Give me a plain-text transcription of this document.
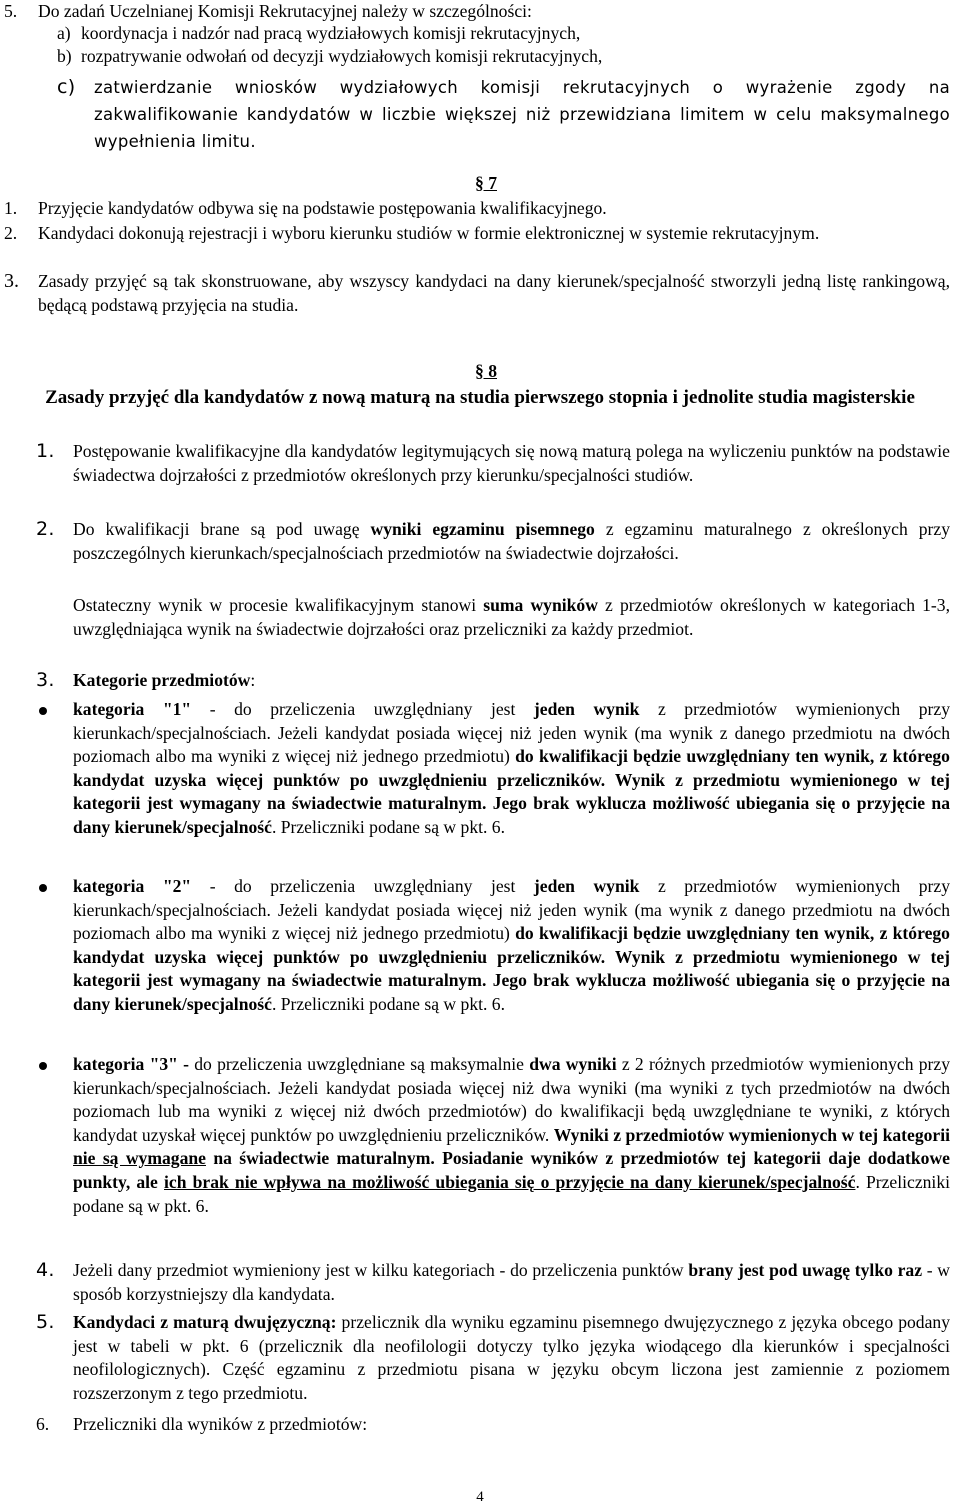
5.	Do zadań Uczelnianej Komisji Rekrutacyjnej należy w szczególności:
a) koordynacja i nadzór nad pracą wydziałowych komisji rekrutacyjnych,
b) rozpatrywanie odwołań od decyzji wydziałowych komisji rekrutacyjnych,
c)	zatwierdzanie wniosków wydziałowych komisji rekrutacyjnych o wyrażenie zgody na zakwalifikowanie kandydatów w liczbie większej niż przewidziana limitem w celu maksymalnego wypełnienia limitu.
§ 7
1.	Przyjęcie kandydatów odbywa się na podstawie postępowania kwalifikacyjnego.
2.	Kandydaci dokonują rejestracji i wyboru kierunku studiów w formie elektronicznej w systemie rekrutacyjnym.
3.	Zasady przyjęć są tak skonstruowane, aby wszyscy kandydaci na dany kierunek/specjalność stworzyli jedną listę rankingową, będącą podstawą przyjęcia na studia.
§ 8
Zasady przyjęć dla kandydatów z nową maturą na studia pierwszego stopnia i jednolite studia magisterskie
1.	Postępowanie kwalifikacyjne dla kandydatów legitymujących się nową maturą polega na wyliczeniu punktów na podstawie świadectwa dojrzałości z przedmiotów określonych przy kierunku/specjalności studiów.
2.	Do kwalifikacji brane są pod uwagę wyniki egzaminu pisemnego z egzaminu maturalnego z określonych przy poszczególnych kierunkach/specjalnościach przedmiotów na świadectwie dojrzałości.
Ostateczny wynik w procesie kwalifikacyjnym stanowi suma wyników z przedmiotów określonych w kategoriach 1-3, uwzględniająca wynik na świadectwie dojrzałości oraz przeliczniki za każdy przedmiot.
3.	Kategorie przedmiotów:
kategoria "1" - do przeliczenia uwzględniany jest jeden wynik z przedmiotów wymienionych przy kierunkach/specjalnościach. Jeżeli kandydat posiada więcej niż jeden wynik (ma wynik z danego przedmiotu na dwóch poziomach albo ma wyniki z więcej niż jednego przedmiotu) do kwalifikacji będzie uwzględniany ten wynik, z którego kandydat uzyska więcej punktów po uwzględnieniu przeliczników. Wynik z przedmiotu wymienionego w tej kategorii jest wymagany na świadectwie maturalnym. Jego brak wyklucza możliwość ubiegania się o przyjęcie na dany kierunek/specjalność. Przeliczniki podane są w pkt. 6.
kategoria "2" - do przeliczenia uwzględniany jest jeden wynik z przedmiotów wymienionych przy kierunkach/specjalnościach. Jeżeli kandydat posiada więcej niż jeden wynik (ma wynik z danego przedmiotu na dwóch poziomach albo ma wyniki z więcej niż jednego przedmiotu) do kwalifikacji będzie uwzględniany ten wynik, z którego kandydat uzyska więcej punktów po uwzględnieniu przeliczników. Wynik z przedmiotu wymienionego w tej kategorii jest wymagany na świadectwie maturalnym. Jego brak wyklucza możliwość ubiegania się o przyjęcie na dany kierunek/specjalność. Przeliczniki podane są w pkt. 6.
kategoria "3" - do przeliczenia uwzględniane są maksymalnie dwa wyniki z 2 różnych przedmiotów wymienionych przy kierunkach/specjalnościach. Jeżeli kandydat posiada więcej niż dwa wyniki (ma wyniki z tych przedmiotów na dwóch poziomach lub ma wyniki z więcej niż dwóch przedmiotów) do kwalifikacji będą uwzględniane te wyniki, z których kandydat uzyskał więcej punktów po uwzględnieniu przeliczników. Wyniki z przedmiotów wymienionych w tej kategorii nie są wymagane na świadectwie maturalnym. Posiadanie wyników z przedmiotów tej kategorii daje dodatkowe punkty, ale ich brak nie wpływa na możliwość ubiegania się o przyjęcie na dany kierunek/specjalność. Przeliczniki podane są w pkt. 6.
4.	Jeżeli dany przedmiot wymieniony jest w kilku kategoriach - do przeliczenia punktów brany jest pod uwagę tylko raz - w sposób korzystniejszy dla kandydata.
5.	Kandydaci z maturą dwujęzyczną: przelicznik dla wyniku egzaminu pisemnego dwujęzycznego z języka obcego podany jest w tabeli w pkt. 6 (przelicznik dla neofilologii dotyczy tylko języka wiodącego dla kierunków i specjalności neofilologicznych). Część egzaminu z przedmiotu pisana w języku obcym liczona jest zamiennie z poziomem rozszerzonym z tego przedmiotu.
6.	Przeliczniki dla wyników z przedmiotów:
4
